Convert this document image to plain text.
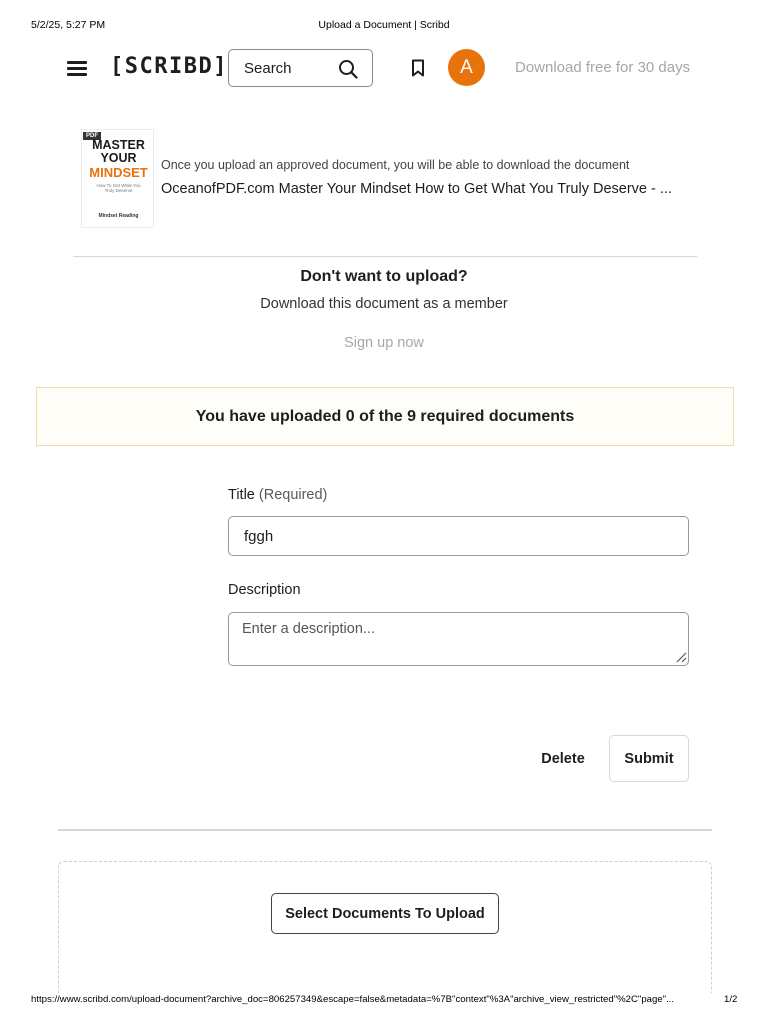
5/2/25, 5:27 PM	Upload a Document | Scribd
[SCRIBD]
Search	A	Download free for 30 days
PDF
MASTER
YOUR
MINDSET
How To Get What You Truly Deserve
Mindset Reading
Once you upload an approved document, you will be able to download the document
OceanofPDF.com Master Your Mindset How to Get What You Truly Deserve - ...
Don't want to upload?
Download this document as a member
Sign up now
You have uploaded 0 of the 9 required documents
Title (Required)
fggh
Description
Enter a description...
Delete	Submit
Select Documents To Upload
https://www.scribd.com/upload-document?archive_doc=806257349&escape=false&metadata=%7B"context"%3A"archive_view_restricted"%2C"page"...	1/2
